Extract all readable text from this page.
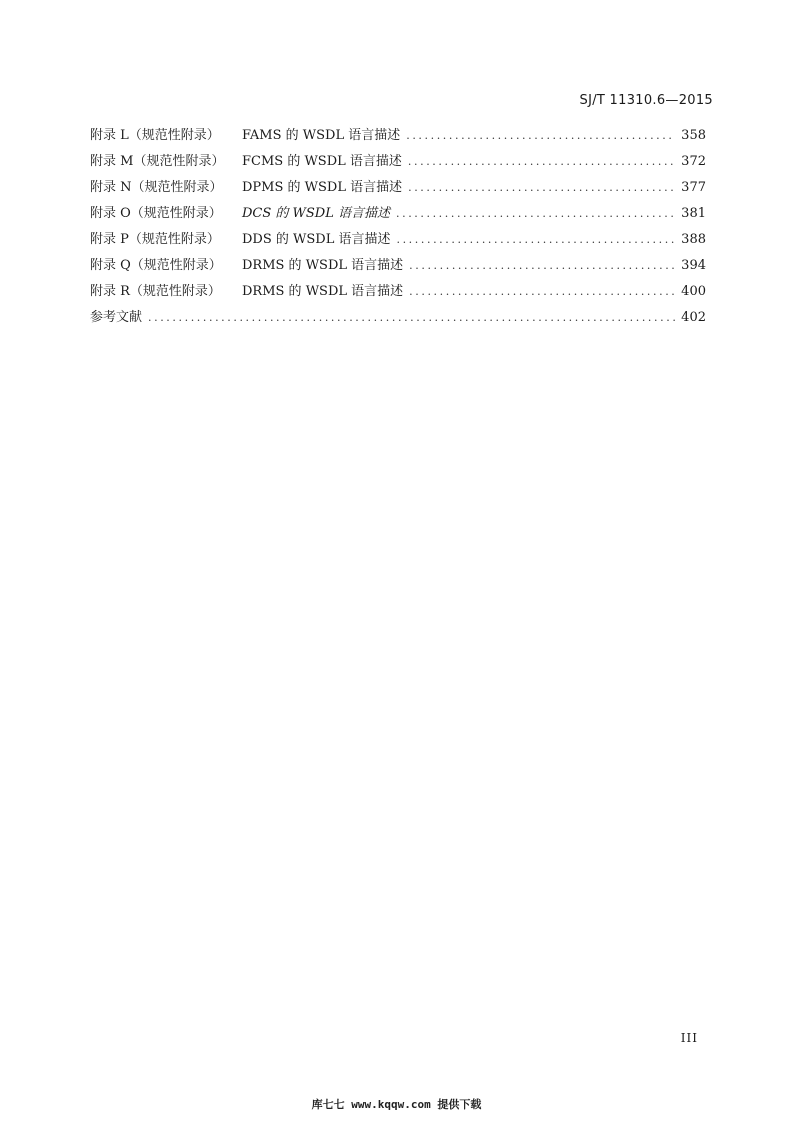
SJ/T 11310.6—2015
附录 L（规范性附录）	FAMS 的 WSDL 语言描述 .....	358
附录 M（规范性附录）	FCMS 的 WSDL 语言描述 .....	372
附录 N（规范性附录）	DPMS 的 WSDL 语言描述 .....	377
附录 O（规范性附录）	DCS 的 WSDL 语言描述 .....	381
附录 P（规范性附录）	DDS 的 WSDL 语言描述 .....	388
附录 Q（规范性附录）	DRMS 的 WSDL 语言描述 .....	394
附录 R（规范性附录）	DRMS 的 WSDL 语言描述 .....	400
参考文献 .....	402
III
库七七 www.kqqw.com 提供下载
